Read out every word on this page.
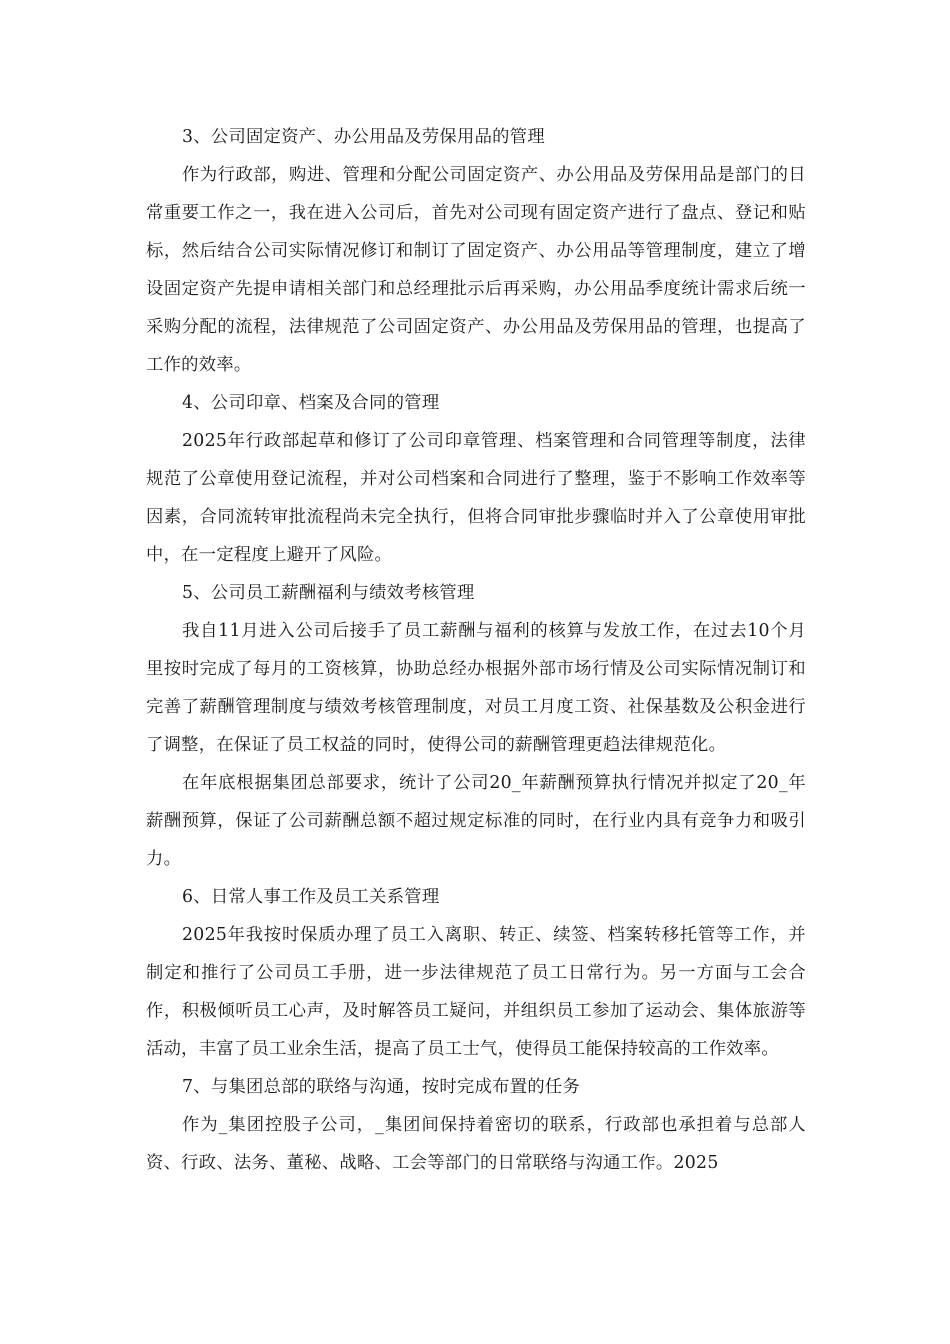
3、公司固定资产、办公用品及劳保用品的管理

作为行政部，购进、管理和分配公司固定资产、办公用品及劳保用品是部门的日常重要工作之一，我在进入公司后，首先对公司现有固定资产进行了盘点、登记和贴标，然后结合公司实际情况修订和制订了固定资产、办公用品等管理制度，建立了增设固定资产先提申请相关部门和总经理批示后再采购，办公用品季度统计需求后统一采购分配的流程，法律规范了公司固定资产、办公用品及劳保用品的管理，也提高了工作的效率。

4、公司印章、档案及合同的管理

2025年行政部起草和修订了公司印章管理、档案管理和合同管理等制度，法律规范了公章使用登记流程，并对公司档案和合同进行了整理，鉴于不影响工作效率等因素，合同流转审批流程尚未完全执行，但将合同审批步骤临时并入了公章使用审批中，在一定程度上避开了风险。

5、公司员工薪酬福利与绩效考核管理

我自11月进入公司后接手了员工薪酬与福利的核算与发放工作，在过去10个月里按时完成了每月的工资核算，协助总经办根据外部市场行情及公司实际情况制订和完善了薪酬管理制度与绩效考核管理制度，对员工月度工资、社保基数及公积金进行了调整，在保证了员工权益的同时，使得公司的薪酬管理更趋法律规范化。

在年底根据集团总部要求，统计了公司20_年薪酬预算执行情况并拟定了20_年薪酬预算，保证了公司薪酬总额不超过规定标准的同时，在行业内具有竞争力和吸引力。

6、日常人事工作及员工关系管理

2025年我按时保质办理了员工入离职、转正、续签、档案转移托管等工作，并制定和推行了公司员工手册，进一步法律规范了员工日常行为。另一方面与工会合作，积极倾听员工心声，及时解答员工疑问，并组织员工参加了运动会、集体旅游等活动，丰富了员工业余生活，提高了员工士气，使得员工能保持较高的工作效率。

7、与集团总部的联络与沟通，按时完成布置的任务

作为_集团控股子公司，_集团间保持着密切的联系，行政部也承担着与总部人资、行政、法务、董秘、战略、工会等部门的日常联络与沟通工作。2025
